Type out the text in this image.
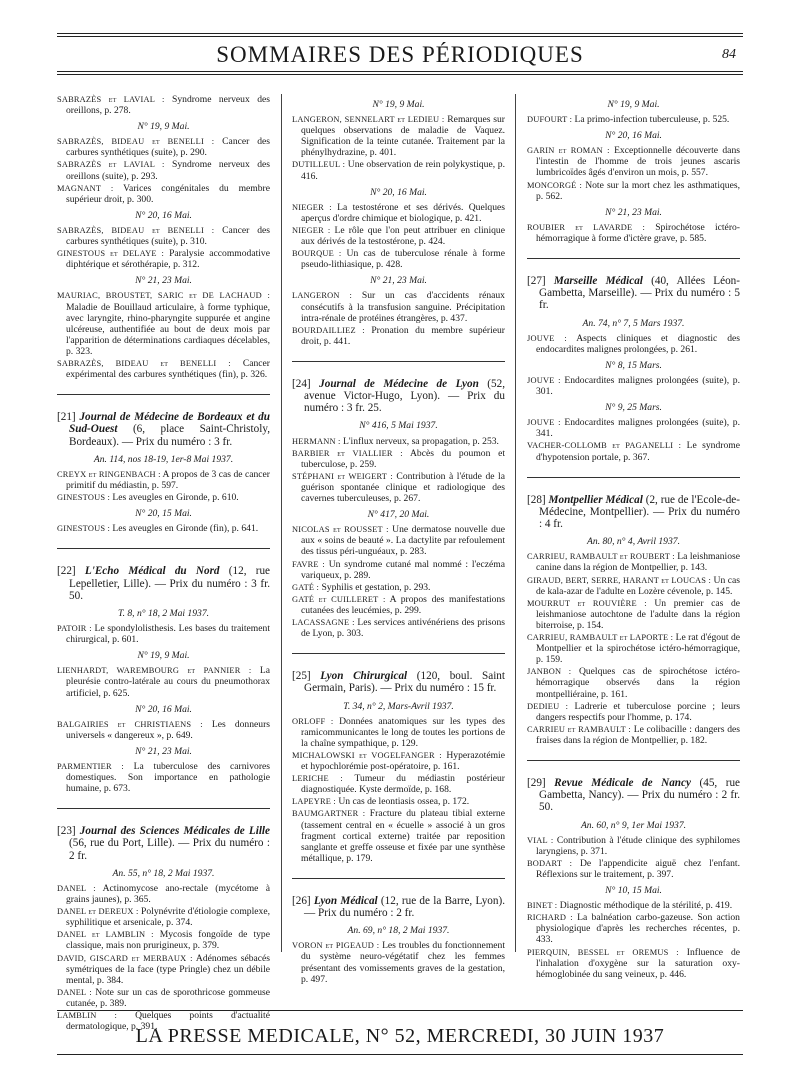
SOMMAIRES DES PÉRIODIQUES	84
SABRAZÈS et LAVIAL : Syndrome nerveux des oreillons, p. 278.
N° 19, 9 Mai.
SABRAZÈS, BIDEAU et BENELLI : Cancer des carbures synthétiques (suite), p. 290.
SABRAZÈS et LAVIAL : Syndrome nerveux des oreillons (suite), p. 293.
MAGNANT : Varices congénitales du membre supérieur droit, p. 300.
N° 20, 16 Mai.
SABRAZÈS, BIDEAU et BENELLI : Cancer des carbures synthétiques (suite), p. 310.
GINESTOUS et DELAYE : Paralysie accommodative diphtérique et sérothérapie, p. 312.
N° 21, 23 Mai.
MAURIAC, BROUSTET, SARIC et DE LACHAUD : Maladie de Bouillaud articulaire, à forme typhique, avec laryngite, rhino-pharyngite suppurée et angine ulcéreuse, authentifiée au bout de deux mois par l'apparition de déterminations cardiaques décelables, p. 323.
SABRAZÈS, BIDEAU et BENELLI : Cancer expérimental des carbures synthétiques (fin), p. 326.
[21] Journal de Médecine de Bordeaux et du Sud-Ouest (6, place Saint-Christoly, Bordeaux). — Prix du numéro : 3 fr.
An. 114, nos 18-19, 1er-8 Mai 1937.
CREYX et RINGENBACH : A propos de 3 cas de cancer primitif du médiastin, p. 597.
GINESTOUS : Les aveugles en Gironde, p. 610.
N° 20, 15 Mai.
GINESTOUS : Les aveugles en Gironde (fin), p. 641.
[22] L'Echo Médical du Nord (12, rue Lepelletier, Lille). — Prix du numéro : 3 fr. 50.
T. 8, n° 18, 2 Mai 1937.
PATOIR : Le spondylolisthesis. Les bases du traitement chirurgical, p. 601.
N° 19, 9 Mai.
LIENHARDT, WAREMBOURG et PANNIER : La pleurésie contro-latérale au cours du pneumothorax artificiel, p. 625.
N° 20, 16 Mai.
BALGAIRIES et CHRISTIAENS : Les donneurs universels « dangereux », p. 649.
N° 21, 23 Mai.
PARMENTIER : La tuberculose des carnivores domestiques. Son importance en pathologie humaine, p. 673.
[23] Journal des Sciences Médicales de Lille (56, rue du Port, Lille). — Prix du numéro : 2 fr.
An. 55, n° 18, 2 Mai 1937.
DANEL : Actinomycose ano-rectale (mycétome à grains jaunes), p. 365.
DANEL et DEREUX : Polynévrite d'étiologie complexe, syphilitique et arsenicale, p. 374.
DANEL et LAMBLIN : Mycosis fongoïde de type classique, mais non prurigineux, p. 379.
DAVID, GISCARD et MERBAUX : Adénomes sébacés symétriques de la face (type Pringle) chez un débile mental, p. 384.
DANEL : Note sur un cas de sporothricose gommeuse cutanée, p. 389.
LAMBLIN : Quelques points d'actualité dermatologique, p. 391.
N° 19, 9 Mai.
LANGERON, SENNELART et LEDIEU : Remarques sur quelques observations de maladie de Vaquez. Signification de la teinte cutanée. Traitement par la phénylhydrazine, p. 401.
DUTILLEUL : Une observation de rein polykystique, p. 416.
N° 20, 16 Mai.
NIEGER : La testostérone et ses dérivés. Quelques aperçus d'ordre chimique et biologique, p. 421.
NIEGER : Le rôle que l'on peut attribuer en clinique aux dérivés de la testostérone, p. 424.
BOURQUE : Un cas de tuberculose rénale à forme pseudo-lithiasique, p. 428.
N° 21, 23 Mai.
LANGERON : Sur un cas d'accidents rénaux consécutifs à la transfusion sanguine. Précipitation intra-rénale de protéines étrangères, p. 437.
BOURDAILLIEZ : Pronation du membre supérieur droit, p. 441.
[24] Journal de Médecine de Lyon (52, avenue Victor-Hugo, Lyon). — Prix du numéro : 3 fr. 25.
N° 416, 5 Mai 1937.
HERMANN : L'influx nerveux, sa propagation, p. 253.
BARBIER et VIALLIER : Abcès du poumon et tuberculose, p. 259.
STÉPHANI et WEIGERT : Contribution à l'étude de la guérison spontanée clinique et radiologique des cavernes tuberculeuses, p. 267.
N° 417, 20 Mai.
NICOLAS et ROUSSET : Une dermatose nouvelle due aux « soins de beauté ». La dactylite par refoulement des tissus péri-unguéaux, p. 283.
FAVRE : Un syndrome cutané mal nommé : l'eczéma variqueux, p. 289.
GATÉ : Syphilis et gestation, p. 293.
GATÉ et CUILLERET : A propos des manifestations cutanées des leucémies, p. 299.
LACASSAGNE : Les services antivénériens des prisons de Lyon, p. 303.
[25] Lyon Chirurgical (120, boul. Saint Germain, Paris). — Prix du numéro : 15 fr.
T. 34, n° 2, Mars-Avril 1937.
ORLOFF : Données anatomiques sur les types des ramicommunicantes le long de toutes les portions de la chaîne sympathique, p. 129.
MICHALOWSKI et VOGELFANGER : Hyperazotémie et hypochlorémie post-opératoire, p. 161.
LERICHE : Tumeur du médiastin postérieur diagnostiquée. Kyste dermoïde, p. 168.
LAPEYRE : Un cas de leontiasis ossea, p. 172.
BAUMGARTNER : Fracture du plateau tibial externe (tassement central en « écuelle » associé à un gros fragment cortical externe) traitée par reposition sanglante et greffe osseuse et fixée par une synthèse métallique, p. 179.
[26] Lyon Médical (12, rue de la Barre, Lyon). — Prix du numéro : 2 fr.
An. 69, n° 18, 2 Mai 1937.
VORON et PIGEAUD : Les troubles du fonctionnement du système neuro-végétatif chez les femmes présentant des vomissements graves de la gestation, p. 497.
N° 19, 9 Mai.
DUFOURT : La primo-infection tuberculeuse, p. 525.
N° 20, 16 Mai.
GARIN et ROMAN : Exceptionnelle découverte dans l'intestin de l'homme de trois jeunes ascaris lumbricoïdes âgés d'environ un mois, p. 557.
MONCORGÉ : Note sur la mort chez les asthmatiques, p. 562.
N° 21, 23 Mai.
ROUBIER et LAVARDE : Spirochétose ictéro-hémorragique à forme d'ictère grave, p. 585.
[27] Marseille Médical (40, Allées Léon-Gambetta, Marseille). — Prix du numéro : 5 fr.
An. 74, n° 7, 5 Mars 1937.
JOUVE : Aspects cliniques et diagnostic des endocardites malignes prolongées, p. 261.
N° 8, 15 Mars.
JOUVE : Endocardites malignes prolongées (suite), p. 301.
N° 9, 25 Mars.
JOUVE : Endocardites malignes prolongées (suite), p. 341.
VACHER-COLLOMB et PAGANELLI : Le syndrome d'hypotension portale, p. 367.
[28] Montpellier Médical (2, rue de l'Ecole-de-Médecine, Montpellier). — Prix du numéro : 4 fr.
An. 80, n° 4, Avril 1937.
CARRIEU, RAMBAULT et ROUBERT : La leishmaniose canine dans la région de Montpellier, p. 143.
GIRAUD, BERT, SERRE, HARANT et LOUCAS : Un cas de kala-azar de l'adulte en Lozère cévenole, p. 145.
MOURRUT et ROUVIÈRE : Un premier cas de leishmaniose autochtone de l'adulte dans la région biterroise, p. 154.
CARRIEU, RAMBAULT et LAPORTE : Le rat d'égout de Montpellier et la spirochétose ictéro-hémorragique, p. 159.
JANBON : Quelques cas de spirochétose ictéro-hémorragique observés dans la région montpelliéraine, p. 161.
DEDIEU : Ladrerie et tuberculose porcine ; leurs dangers respectifs pour l'homme, p. 174.
CARRIEU et RAMBAULT : Le colibacille : dangers des fraises dans la région de Montpellier, p. 182.
[29] Revue Médicale de Nancy (45, rue Gambetta, Nancy). — Prix du numéro : 2 fr. 50.
An. 60, n° 9, 1er Mai 1937.
VIAL : Contribution à l'étude clinique des syphilomes laryngiens, p. 371.
BODART : De l'appendicite aiguë chez l'enfant. Réflexions sur le traitement, p. 397.
N° 10, 15 Mai.
BINET : Diagnostic méthodique de la stérilité, p. 419.
RICHARD : La balnéation carbo-gazeuse. Son action physiologique d'après les recherches récentes, p. 433.
PIERQUIN, BESSEL et OREMUS : Influence de l'inhalation d'oxygène sur la saturation oxy-hémoglobinée du sang veineux, p. 446.
LA PRESSE MEDICALE, N° 52, MERCREDI, 30 JUIN 1937
